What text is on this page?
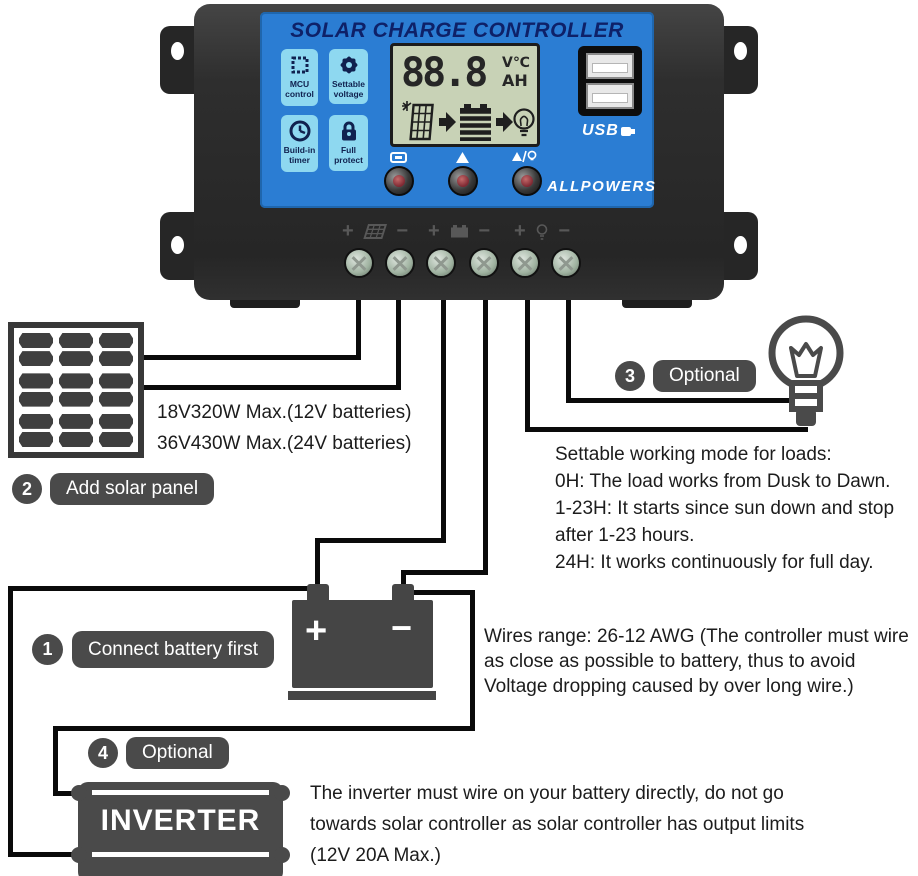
SOLAR CHARGE CONTROLLER
MCU control
Settable voltage
Build-in timer
Full protect
88.8 V℃
AH
USB
ALLPOWERS
+ − + − + −
+ −
INVERTER
1	Connect battery first
2	Add solar panel
3	Optional
4	Optional
18V320W Max.(12V batteries)
36V430W Max.(24V batteries)
Settable working mode for loads:
0H: The load works from Dusk to Dawn.
1-23H: It starts since sun down and stop
after 1-23 hours.
24H: It works continuously for full day.
Wires range: 26-12 AWG (The controller must wire
as close as possible to battery, thus to avoid
Voltage dropping caused by over long wire.)
The inverter must wire on your battery directly, do not go
towards solar controller as solar controller has output limits
(12V 20A Max.)
